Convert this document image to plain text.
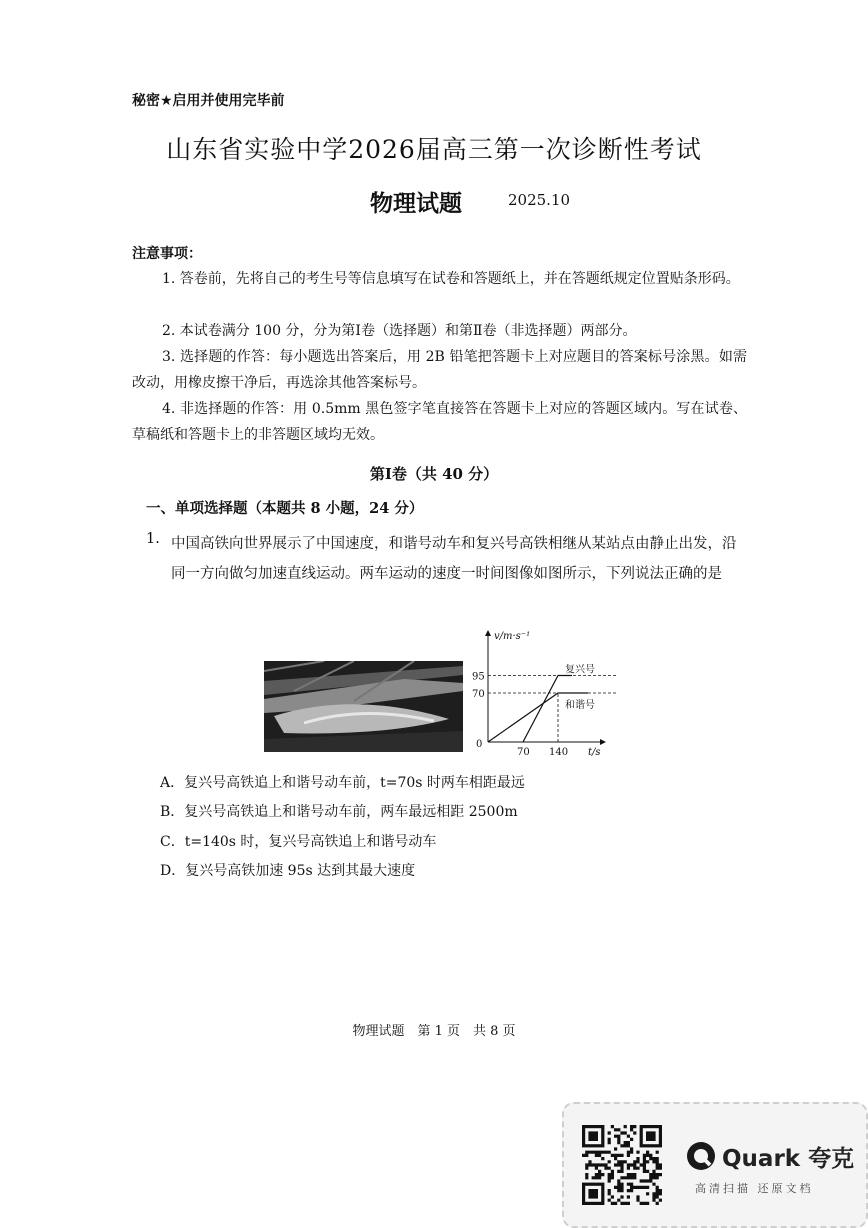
秘密★启用并使用完毕前
山东省实验中学2026届高三第一次诊断性考试
物理试题	2025.10
注意事项：
1. 答卷前，先将自己的考生号等信息填写在试卷和答题纸上，并在答题纸规定位置贴条形码。
2. 本试卷满分 100 分，分为第Ⅰ卷（选择题）和第Ⅱ卷（非选择题）两部分。
3. 选择题的作答：每小题选出答案后，用 2B 铅笔把答题卡上对应题目的答案标号涂黑。如需改动，用橡皮擦干净后，再选涂其他答案标号。
4. 非选择题的作答：用 0.5mm 黑色签字笔直接答在答题卡上对应的答题区域内。写在试卷、草稿纸和答题卡上的非答题区域均无效。
第Ⅰ卷（共 40 分）
一、单项选择题（本题共 8 小题，24 分）
1. 中国高铁向世界展示了中国速度，和谐号动车和复兴号高铁相继从某站点由静止出发，沿同一方向做匀加速直线运动。两车运动的速度一时间图像如图所示，下列说法正确的是
v/m·s⁻¹
t/s
0
70
95
70 140
复兴号
和谐号
A．复兴号高铁追上和谐号动车前，t=70s 时两车相距最远
B．复兴号高铁追上和谐号动车前，两车最远相距 2500m
C．t=140s 时，复兴号高铁追上和谐号动车
D．复兴号高铁加速 95s 达到其最大速度
物理试题　第 1 页　共 8 页
Quark 夸克
高清扫描 还原文档
